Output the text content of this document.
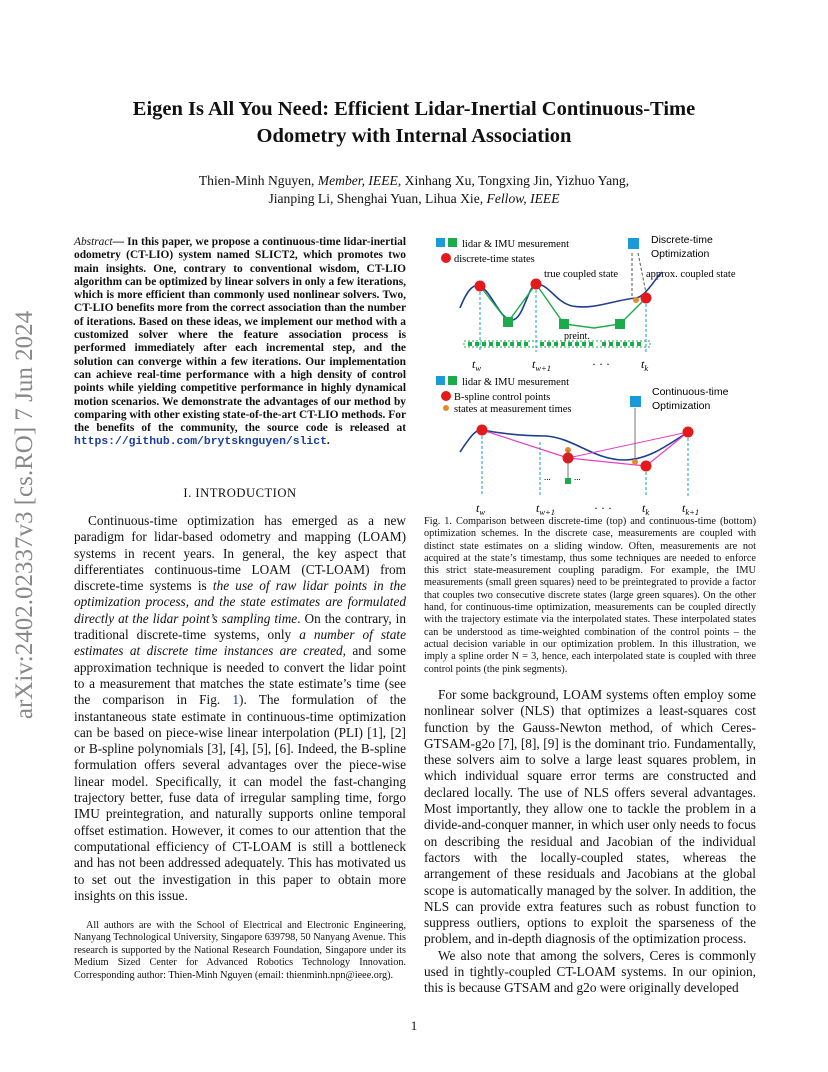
arXiv:2402.02337v3 [cs.RO] 7 Jun 2024
Eigen Is All You Need: Efficient Lidar-Inertial Continuous-Time
Odometry with Internal Association
Thien-Minh Nguyen, Member, IEEE, Xinhang Xu, Tongxing Jin, Yizhuo Yang,
Jianping Li, Shenghai Yuan, Lihua Xie, Fellow, IEEE
Abstract— In this paper, we propose a continuous-time lidar-inertial odometry (CT-LIO) system named SLICT2, which promotes two main insights. One, contrary to conventional wisdom, CT-LIO algorithm can be optimized by linear solvers in only a few iterations, which is more efficient than commonly used nonlinear solvers. Two, CT-LIO benefits more from the correct association than the number of iterations. Based on these ideas, we implement our method with a customized solver where the feature association process is performed immediately after each incremental step, and the solution can converge within a few iterations. Our implementation can achieve real-time performance with a high density of control points while yielding competitive performance in highly dynamical motion scenarios. We demonstrate the advantages of our method by comparing with other existing state-of-the-art CT-LIO methods. For the benefits of the community, the source code is released at https://github.com/brytsknguyen/slict.
I. INTRODUCTION

Continuous-time optimization has emerged as a new paradigm for lidar-based odometry and mapping (LOAM) systems in recent years. In general, the key aspect that differentiates continuous-time LOAM (CT-LOAM) from discrete-time systems is the use of raw lidar points in the optimization process, and the state estimates are formulated directly at the lidar point’s sampling time. On the contrary, in traditional discrete-time systems, only a number of state estimates at discrete time instances are created, and some approximation technique is needed to convert the lidar point to a measurement that matches the state estimate’s time (see the comparison in Fig. 1). The formulation of the instantaneous state estimate in continuous-time optimization can be based on piece-wise linear interpolation (PLI) [1], [2] or B-spline polynomials [3], [4], [5], [6]. Indeed, the B-spline formulation offers several advantages over the piece-wise linear model. Specifically, it can model the fast-changing trajectory better, fuse data of irregular sampling time, forgo IMU preintegration, and naturally supports online temporal offset estimation. However, it comes to our attention that the computational efficiency of CT-LOAM is still a bottleneck and has not been addressed adequately. This has motivated us to set out the investigation in this paper to obtain more insights on this issue.

All authors are with the School of Electrical and Electronic Engineering, Nanyang Technological University, Singapore 639798, 50 Nanyang Avenue. This research is supported by the National Research Foundation, Singapore under its Medium Sized Center for Advanced Robotics Technology Innovation. Corresponding author: Thien-Minh Nguyen (email: thienminh.npn@ieee.org).

1
lidar & IMU mesurement
discrete-time states
Discrete-time
Optimization
true coupled state	approx. coupled state
preint.
$t_w$	$t_{w+1}$	· · ·	$t_k$
lidar & IMU mesurement
B-spline control points
states at measurement times
Continuous-time
Optimization
...	...
$t_w$	$t_{w+1}$	· · ·	$t_k$	$t_{k+1}$
Fig. 1. Comparison between discrete-time (top) and continuous-time (bottom) optimization schemes. In the discrete case, measurements are coupled with distinct state estimates on a sliding window. Often, measurements are not acquired at the state’s timestamp, thus some techniques are needed to enforce this strict state-measurement coupling paradigm. For example, the IMU measurements (small green squares) need to be preintegrated to provide a factor that couples two consecutive discrete states (large green squares). On the other hand, for continuous-time optimization, measurements can be coupled directly with the trajectory estimate via the interpolated states. These interpolated states can be understood as time-weighted combination of the control points – the actual decision variable in our optimization problem. In this illustration, we imply a spline order N = 3, hence, each interpolated state is coupled with three control points (the pink segments).

For some background, LOAM systems often employ some nonlinear solver (NLS) that optimizes a least-squares cost function by the Gauss-Newton method, of which Ceres-GTSAM-g2o [7], [8], [9] is the dominant trio. Fundamentally, these solvers aim to solve a large least squares problem, in which individual square error terms are constructed and declared locally. The use of NLS offers several advantages. Most importantly, they allow one to tackle the problem in a divide-and-conquer manner, in which user only needs to focus on describing the residual and Jacobian of the individual factors with the locally-coupled states, whereas the arrangement of these residuals and Jacobians at the global scope is automatically managed by the solver. In addition, the NLS can provide extra features such as robust function to suppress outliers, options to exploit the sparseness of the problem, and in-depth diagnosis of the optimization process.

We also note that among the solvers, Ceres is commonly used in tightly-coupled CT-LOAM systems. In our opinion, this is because GTSAM and g2o were originally developed
